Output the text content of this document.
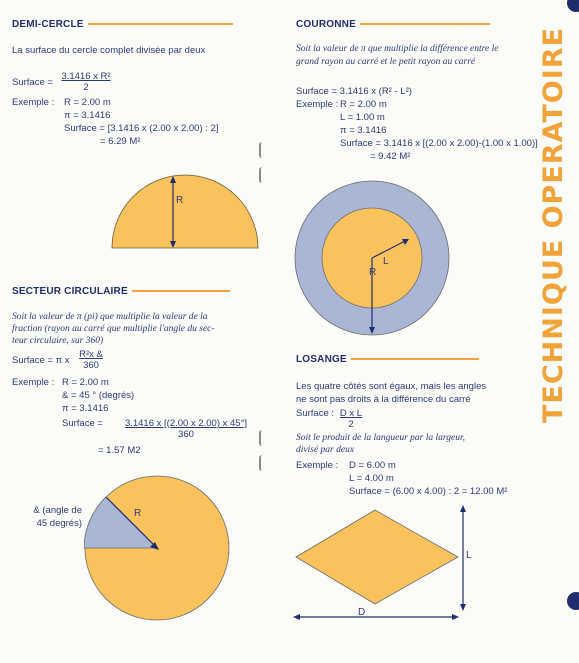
TECHNIQUE OPERATOIRE
DEMI-CERCLE
La surface du cercle complet divisée par deux
Surface = $\frac{\text{3.1416 x R²}}{2}$
Exemple : R = 2.00 m
π = 3.1416
Surface = [3.1416 x (2.00 x 2.00) : 2]
= 6.29 M²
R
COURONNE
Soit la valeur de π que multiplie la différence entre le
grand rayon au carré et le petit rayon au carré
Surface = 3.1416 x (R² - L²)
Exemple : R = 2.00 m
L = 1.00 m
π = 3.1416
Surface = 3.1416 x [(2.00 x 2.00)-(1.00 x 1.00)]
= 9.42 M²
L
R
SECTEUR CIRCULAIRE
Soit la valeur de π (pi) que multiplie la valeur de la
fraction (rayon au carré que multiplie l'angle du sec-
teur circulaire, sur 360)
Surface = π x $\frac{\text{R²x \&}}{360}$
Exemple : R = 2.00 m
& = 45 ° (degrés)
π = 3.1416
Surface = $\frac{3.1416 x [(2.00 x 2.00) x 45^\circ]}{360}$
= 1.57 M2
& (angle de
45 degrés)
R
LOSANGE
Les quatre côtés sont égaux, mais les angles
ne sont pas droits à la différence du carré
Surface : $\frac{\text{D x L}}{2}$
Soit le produit de la langueur par la largeur,
divisé par deux
Exemple : D = 6.00 m
L = 4.00 m
Surface = (6.00 x 4.00) : 2 = 12.00 M²
L
D
